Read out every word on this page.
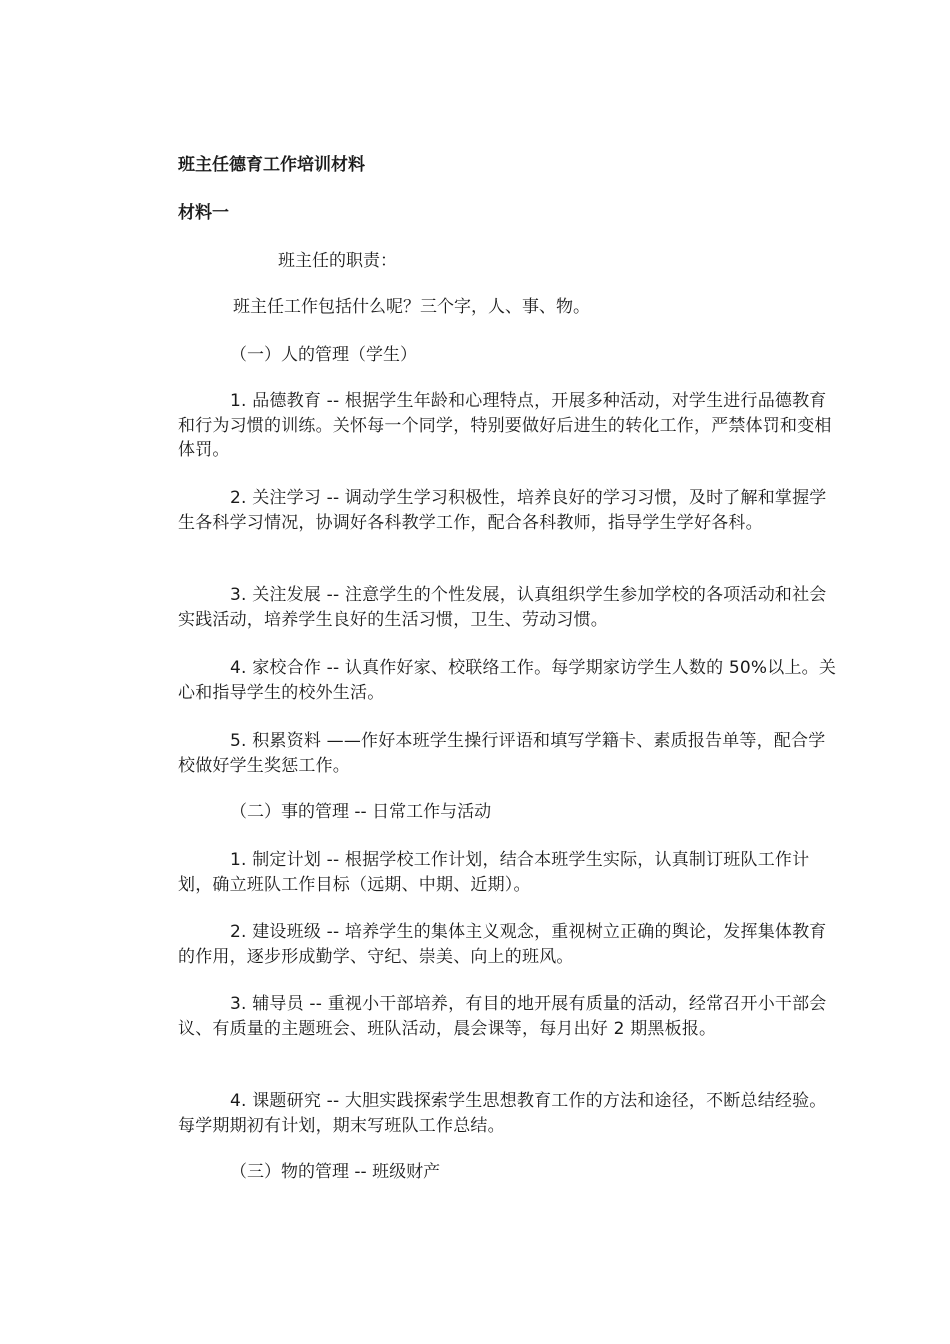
班主任德育工作培训材料
材料一

班主任的职责：

班主任工作包括什么呢？三个字，人、事、物。

（一）人的管理（学生）

1. 品德教育 -- 根据学生年龄和心理特点，开展多种活动，对学生进行品德教育和行为习惯的训练。关怀每一个同学，特别要做好后进生的转化工作，严禁体罚和变相体罚。

2. 关注学习 -- 调动学生学习积极性，培养良好的学习习惯，及时了解和掌握学生各科学习情况，协调好各科教学工作，配合各科教师，指导学生学好各科。

3. 关注发展 -- 注意学生的个性发展，认真组织学生参加学校的各项活动和社会实践活动，培养学生良好的生活习惯，卫生、劳动习惯。

4. 家校合作 -- 认真作好家、校联络工作。每学期家访学生人数的 50%以上。关心和指导学生的校外生活。

5. 积累资料 ——作好本班学生操行评语和填写学籍卡、素质报告单等，配合学校做好学生奖惩工作。

（二）事的管理 -- 日常工作与活动

1. 制定计划 -- 根据学校工作计划，结合本班学生实际，认真制订班队工作计划，确立班队工作目标（远期、中期、近期）。

2. 建设班级 -- 培养学生的集体主义观念，重视树立正确的舆论，发挥集体教育的作用，逐步形成勤学、守纪、崇美、向上的班风。

3. 辅导员 -- 重视小干部培养，有目的地开展有质量的活动，经常召开小干部会议、有质量的主题班会、班队活动，晨会课等，每月出好 2 期黑板报。

4. 课题研究 -- 大胆实践探索学生思想教育工作的方法和途径，不断总结经验。每学期期初有计划，期末写班队工作总结。

（三）物的管理 -- 班级财产
